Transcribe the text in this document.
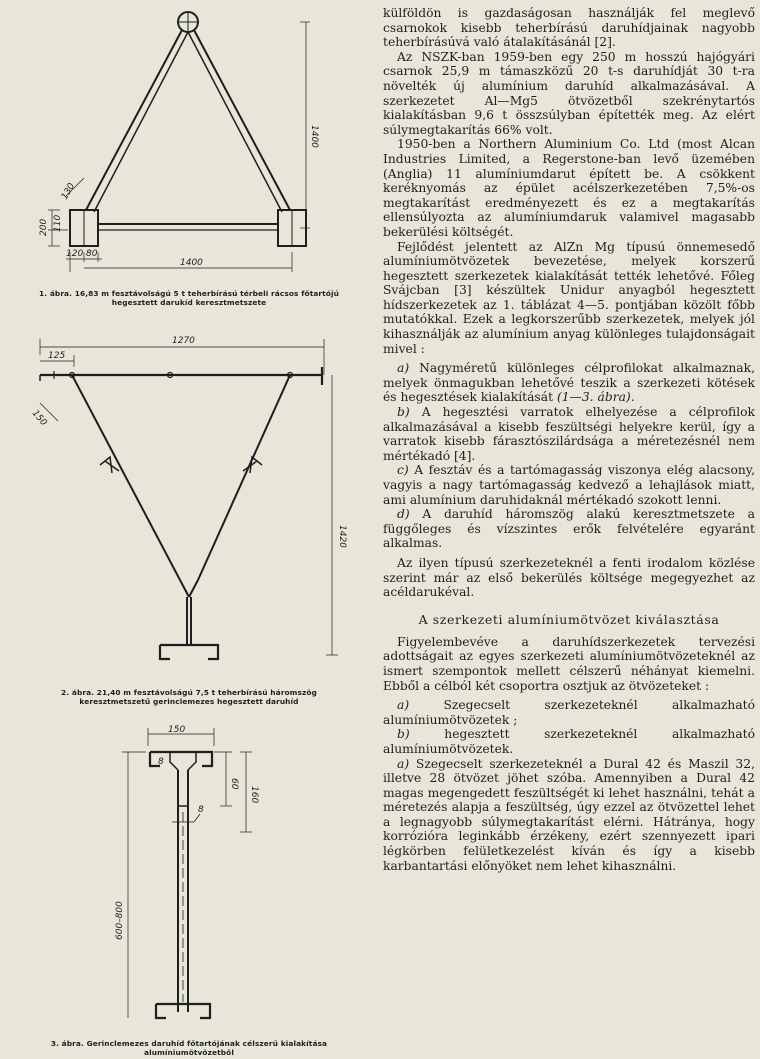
1400
1400
120 80
200 110
130
1. ábra. 16,83 m fesztávolságú 5 t teherbírású térbeli rácsos főtartójú
hegesztett darukíd keresztmetszete
1270
125
150
1420
2. ábra. 21,40 m fesztávolságú 7,5 t teherbírású háromszög
keresztmetszetű gerinclemezes hegesztett daruhíd
150
8
60
160
8
600–800
3. ábra. Gerinclemezes daruhíd főtartójának célszerű kialakítása
alumíniumötvözetből

külföldön is gazdaságosan használják fel meglevő csarnokok kisebb teherbírású daruhídjainak nagyobb teherbírásúvá való átalakításánál [2].

Az NSZK-ban 1959-ben egy 250 m hosszú hajógyári csarnok 25,9 m támaszközű 20 t-s daruhídját 30 t-ra növelték új alumínium daruhíd alkalmazásával. A szerkezetet Al—Mg5 ötvözetből szekrénytartós kialakításban 9,6 t összsúlyban építették meg. Az elért súlymegtakarítás 66% volt.

1950-ben a Northern Aluminium Co. Ltd (most Alcan Industries Limited, a Regerstone-ban levő üzemében (Anglia) 11 alumíniumdarut épített be. A csökkent keréknyomás az épület acélszerkezetében 7,5%-os megtakarítást eredményezett és ez a megtakarítás ellensúlyozta az alumíniumdaruk valamivel magasabb bekerülési költségét.

Fejlődést jelentett az AlZn Mg típusú önnemesedő alumíniumötvözetek bevezetése, melyek korszerű hegesztett szerkezetek kialakítását tették lehetővé. Főleg Svájcban [3] készültek Unidur anyagból hegesztett hídszerkezetek az 1. táblázat 4—5. pontjában közölt főbb mutatókkal. Ezek a legkorszerűbb szerkezetek, melyek jól kihasználják az alumínium anyag különleges tulajdonságait mivel :

a) Nagyméretű különleges célprofilokat alkalmaznak, melyek önmagukban lehetővé teszik a szerkezeti kötések és hegesztések kialakítását (1—3. ábra).

b) A hegesztési varratok elhelyezése a célprofilok alkalmazásával a kisebb feszültségi helyekre kerül, így a varratok kisebb fárasztószilárdsága a méretezésnél nem mértékadó [4].

c) A fesztáv és a tartómagasság viszonya elég alacsony, vagyis a nagy tartómagasság kedvező a lehajlások miatt, ami alumínium daruhidaknál mértékadó szokott lenni.

d) A daruhíd háromszög alakú keresztmetszete a függőleges és vízszintes erők felvételére egyaránt alkalmas.

Az ilyen típusú szerkezeteknél a fenti irodalom közlése szerint már az első bekerülés költsége megegyezhet az acéldarukéval.

A szerkezeti alumíniumötvözet kiválasztása

Figyelembevéve a daruhídszerkezetek tervezési adottságait az egyes szerkezeti alumíniumötvözeteknél az ismert szempontok mellett célszerű néhányat kiemelni. Ebből a célból két csoportra osztjuk az ötvözeteket :

a) Szegecselt szerkezeteknél alkalmazható alumíniumötvözetek ;

b) hegesztett szerkezeteknél alkalmazható alumíniumötvözetek.

a) Szegecselt szerkezeteknél a Dural 42 és Maszil 32, illetve 28 ötvözet jöhet szóba. Amennyiben a Dural 42 magas megengedett feszültségét ki lehet használni, tehát a méretezés alapja a feszültség, úgy ezzel az ötvözettel lehet a legnagyobb súlymegtakarítást elérni. Hátránya, hogy korrózióra leginkább érzékeny, ezért szennyezett ipari légkörben felületkezelést kíván és így a kisebb karbantartási előnyöket nem lehet kihasználni.
